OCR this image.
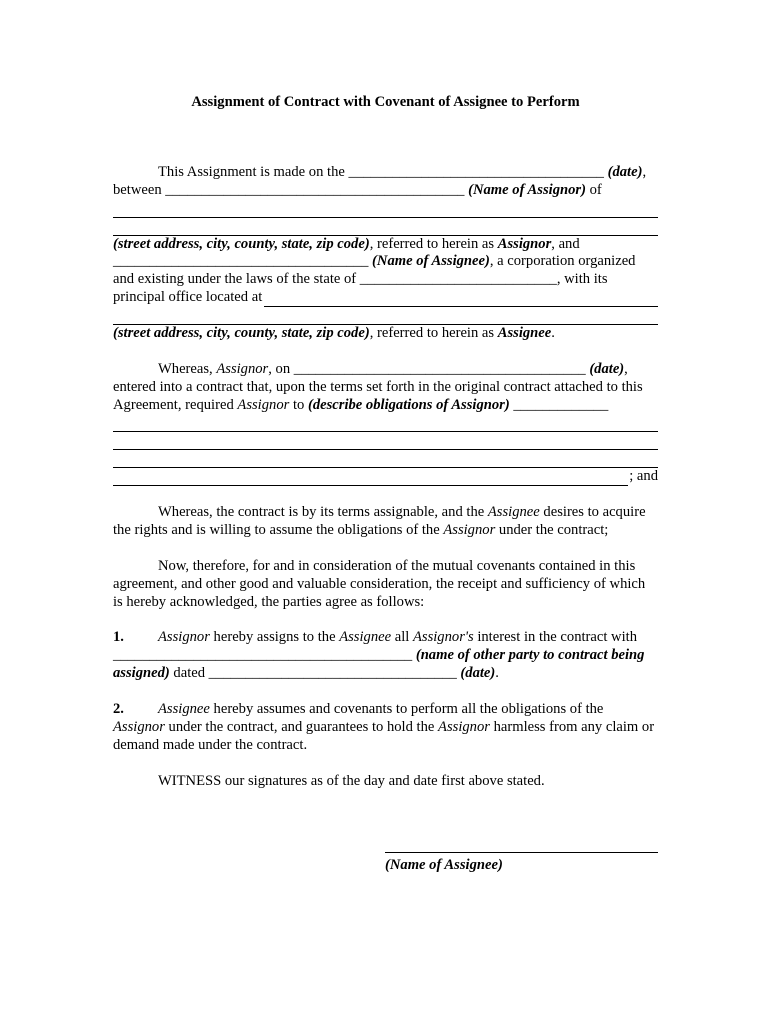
Assignment of Contract with Covenant of Assignee to Perform

This Assignment is made on the ___________________________________ (date),

between _________________________________________ (Name of Assignor) of

(street address, city, county, state, zip code), referred to herein as Assignor, and

___________________________________ (Name of Assignee), a corporation organized

and existing under the laws of the state of ___________________________, with its

principal office located at

(street address, city, county, state, zip code), referred to herein as Assignee.

Whereas, Assignor, on ________________________________________ (date), entered into a contract that, upon the terms set forth in the original contract attached to this Agreement, required Assignor to (describe obligations of Assignor) _____________

; and

Whereas, the contract is by its terms assignable, and the Assignee desires to acquire the rights and is willing to assume the obligations of the Assignor under the contract;

Now, therefore, for and in consideration of the mutual covenants contained in this agreement, and other good and valuable consideration, the receipt and sufficiency of which is hereby acknowledged, the parties agree as follows:

1. Assignor hereby assigns to the Assignee all Assignor's interest in the contract with _________________________________________ (name of other party to contract being assigned) dated __________________________________ (date).

2. Assignee hereby assumes and covenants to perform all the obligations of the Assignor under the contract, and guarantees to hold the Assignor harmless from any claim or demand made under the contract.

WITNESS our signatures as of the day and date first above stated.

(Name of Assignee)
